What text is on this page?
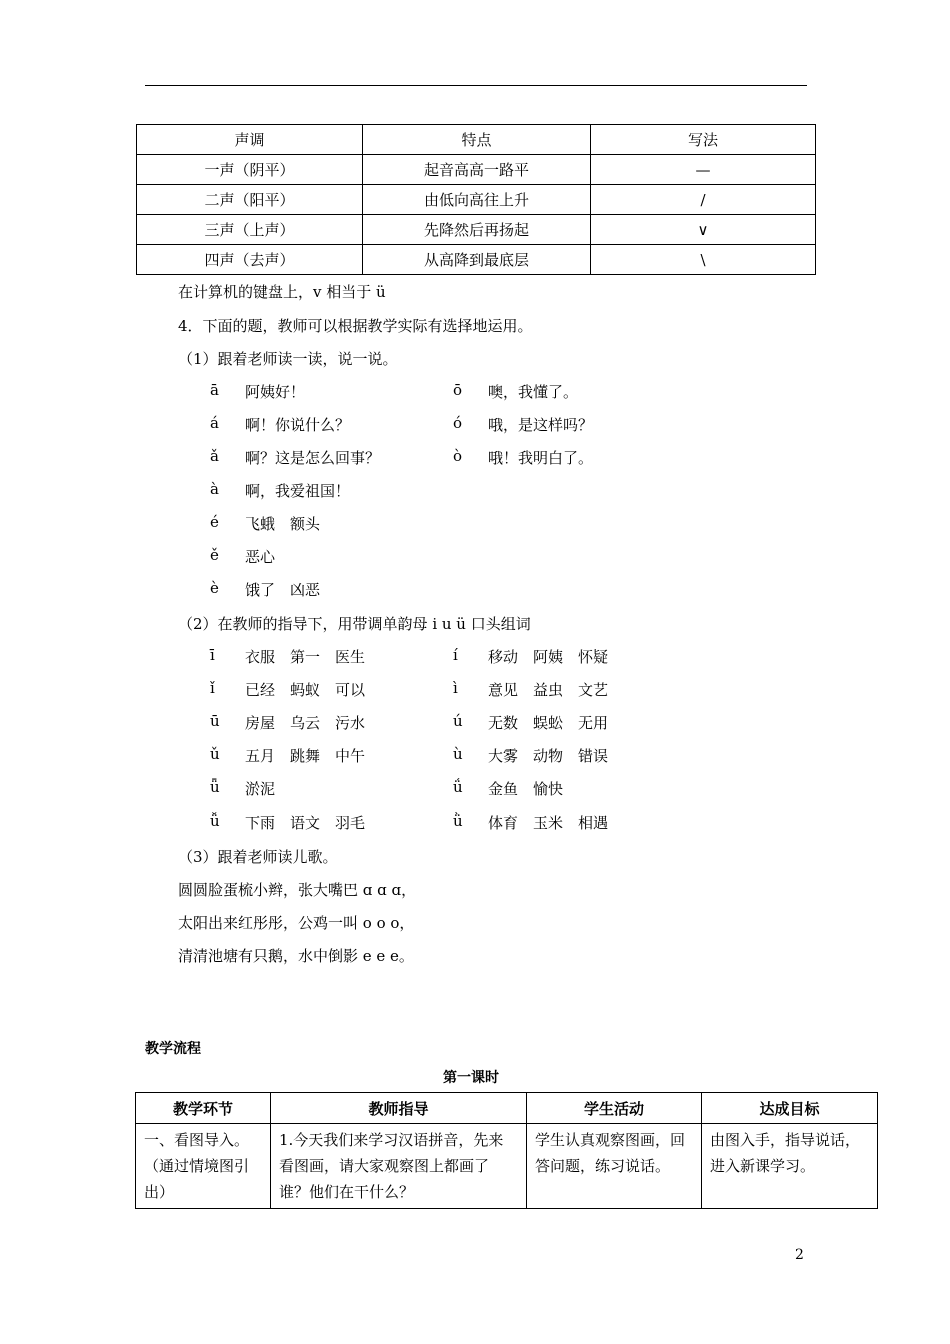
声调	特点	写法
一声（阴平）	起音高高一路平	—
二声（阳平）	由低向高往上升	/
三声（上声）	先降然后再扬起	∨
四声（去声）	从高降到最底层	\
在计算机的键盘上，v 相当于 ü
4．下面的题，教师可以根据教学实际有选择地运用。
（1）跟着老师读一读，说一说。
ā 阿姨好！	ō 噢，我懂了。
á 啊！你说什么？	ó 哦，是这样吗？
ǎ 啊？这是怎么回事？	ò 哦！我明白了。
à 啊，我爱祖国！
é 飞蛾　额头
ě 恶心
è 饿了　凶恶
（2）在教师的指导下，用带调单韵母 i u ü 口头组词
ī 衣服　第一　医生	í 移动　阿姨　怀疑
ǐ 已经　蚂蚁　可以	ì 意见　益虫　文艺
ū 房屋　乌云　污水	ú 无数　蜈蚣　无用
ǔ 五月　跳舞　中午	ù 大雾　动物　错误
ǖ 淤泥	ǘ 金鱼　愉快
ǚ 下雨　语文　羽毛	ǜ 体育　玉米　相遇
（3）跟着老师读儿歌。
圆圆脸蛋梳小辫，张大嘴巴 ɑ ɑ ɑ，
太阳出来红彤彤，公鸡一叫 o o o，
清清池塘有只鹅，水中倒影 e e e。
教学流程
第一课时
教学环节	教师指导	学生活动	达成目标
一、看图导入。（通过情境图引出）	1.今天我们来学习汉语拼音，先来看图画，请大家观察图上都画了谁？他们在干什么？	学生认真观察图画，回答问题，练习说话。	由图入手，指导说话，进入新课学习。
2
